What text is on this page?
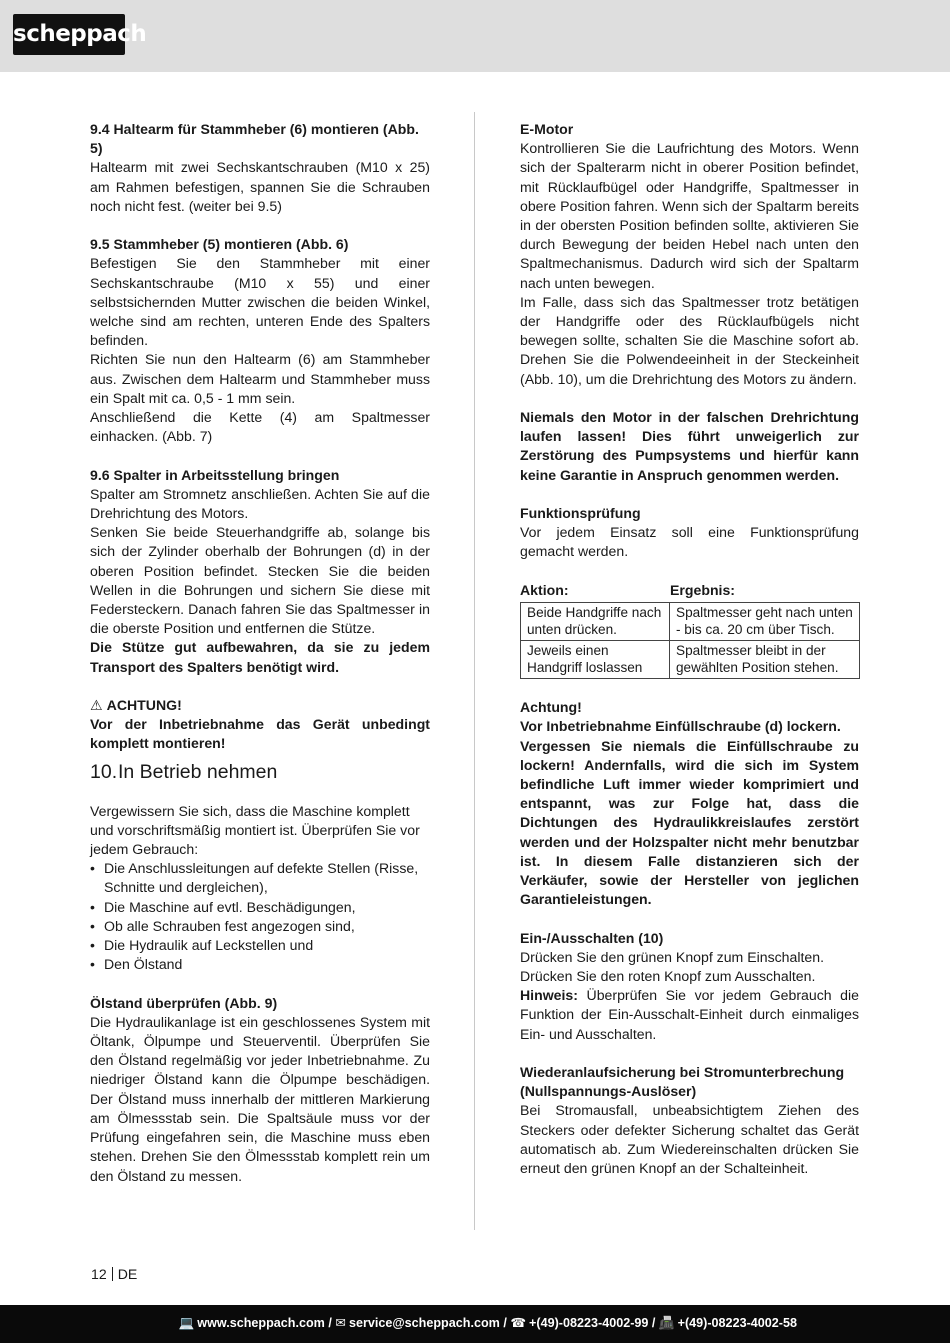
scheppach

9.4 Haltearm für Stammheber (6) montieren (Abb. 5)

Haltearm mit zwei Sechskantschrauben (M10 x 25) am Rahmen befestigen, spannen Sie die Schrauben noch nicht fest. (weiter bei 9.5)

9.5 Stammheber (5) montieren (Abb. 6)

Befestigen Sie den Stammheber mit einer Sechskantschraube (M10 x 55) und einer selbstsichernden Mutter zwischen die beiden Winkel, welche sind am rechten, unteren Ende des Spalters befinden.

Richten Sie nun den Haltearm (6) am Stammheber aus. Zwischen dem Haltearm und Stammheber muss ein Spalt mit ca. 0,5 - 1 mm sein.

Anschließend die Kette (4) am Spaltmesser einhacken. (Abb. 7)

9.6 Spalter in Arbeitsstellung bringen

Spalter am Stromnetz anschließen. Achten Sie auf die Drehrichtung des Motors.

Senken Sie beide Steuerhandgriffe ab, solange bis sich der Zylinder oberhalb der Bohrungen (d) in der oberen Position befindet. Stecken Sie die beiden Wellen in die Bohrungen und sichern Sie diese mit Federsteckern. Danach fahren Sie das Spaltmesser in die oberste Position und entfernen die Stütze.

Die Stütze gut aufbewahren, da sie zu jedem Transport des Spalters benötigt wird.

⚠ ACHTUNG!

Vor der Inbetriebnahme das Gerät unbedingt komplett montieren!

10.In Betrieb nehmen

Vergewissern Sie sich, dass die Maschine komplett und vorschriftsmäßig montiert ist. Überprüfen Sie vor jedem Gebrauch:

• Die Anschlussleitungen auf defekte Stellen (Risse, Schnitte und dergleichen),
• Die Maschine auf evtl. Beschädigungen,
• Ob alle Schrauben fest angezogen sind,
• Die Hydraulik auf Leckstellen und
• Den Ölstand

Ölstand überprüfen (Abb. 9)

Die Hydraulikanlage ist ein geschlossenes System mit Öltank, Ölpumpe und Steuerventil. Überprüfen Sie den Ölstand regelmäßig vor jeder Inbetriebnahme. Zu niedriger Ölstand kann die Ölpumpe beschädigen. Der Ölstand muss innerhalb der mittleren Markierung am Ölmessstab sein. Die Spaltsäule muss vor der Prüfung eingefahren sein, die Maschine muss eben stehen. Drehen Sie den Ölmessstab komplett rein um den Ölstand zu messen.

E-Motor

Kontrollieren Sie die Laufrichtung des Motors. Wenn sich der Spalterarm nicht in oberer Position befindet, mit Rücklaufbügel oder Handgriffe, Spaltmesser in obere Position fahren. Wenn sich der Spaltarm bereits in der obersten Position befinden sollte, aktivieren Sie durch Bewegung der beiden Hebel nach unten den Spaltmechanismus. Dadurch wird sich der Spaltarm nach unten bewegen.

Im Falle, dass sich das Spaltmesser trotz betätigen der Handgriffe oder des Rücklaufbügels nicht bewegen sollte, schalten Sie die Maschine sofort ab. Drehen Sie die Polwendeeinheit in der Steckeinheit (Abb. 10), um die Drehrichtung des Motors zu ändern.

Niemals den Motor in der falschen Drehrichtung laufen lassen! Dies führt unweigerlich zur Zerstörung des Pumpsystems und hierfür kann keine Garantie in Anspruch genommen werden.

Funktionsprüfung

Vor jedem Einsatz soll eine Funktionsprüfung gemacht werden.

Aktion:	Ergebnis:
Beide Handgriffe nach unten drücken.	Spaltmesser geht nach unten - bis ca. 20 cm über Tisch.
Jeweils einen Handgriff loslassen	Spaltmesser bleibt in der gewählten Position stehen.

Achtung!

Vor Inbetriebnahme Einfüllschraube (d) lockern.

Vergessen Sie niemals die Einfüllschraube zu lockern! Andernfalls, wird die sich im System befindliche Luft immer wieder komprimiert und entspannt, was zur Folge hat, dass die Dichtungen des Hydraulikkreislaufes zerstört werden und der Holzspalter nicht mehr benutzbar ist. In diesem Falle distanzieren sich der Verkäufer, sowie der Hersteller von jeglichen Garantieleistungen.

Ein-/Ausschalten (10)

Drücken Sie den grünen Knopf zum Einschalten.

Drücken Sie den roten Knopf zum Ausschalten.

Hinweis: Überprüfen Sie vor jedem Gebrauch die Funktion der Ein-Ausschalt-Einheit durch einmaliges Ein- und Ausschalten.

Wiederanlaufsicherung bei Stromunterbrechung

(Nullspannungs-Auslöser)

Bei Stromausfall, unbeabsichtigtem Ziehen des Steckers oder defekter Sicherung schaltet das Gerät automatisch ab. Zum Wiedereinschalten drücken Sie erneut den grünen Knopf an der Schalteinheit.

12 DE
💻 www.scheppach.com / ✉ service@scheppach.com / ☎ +(49)-08223-4002-99 / 📠 +(49)-08223-4002-58
